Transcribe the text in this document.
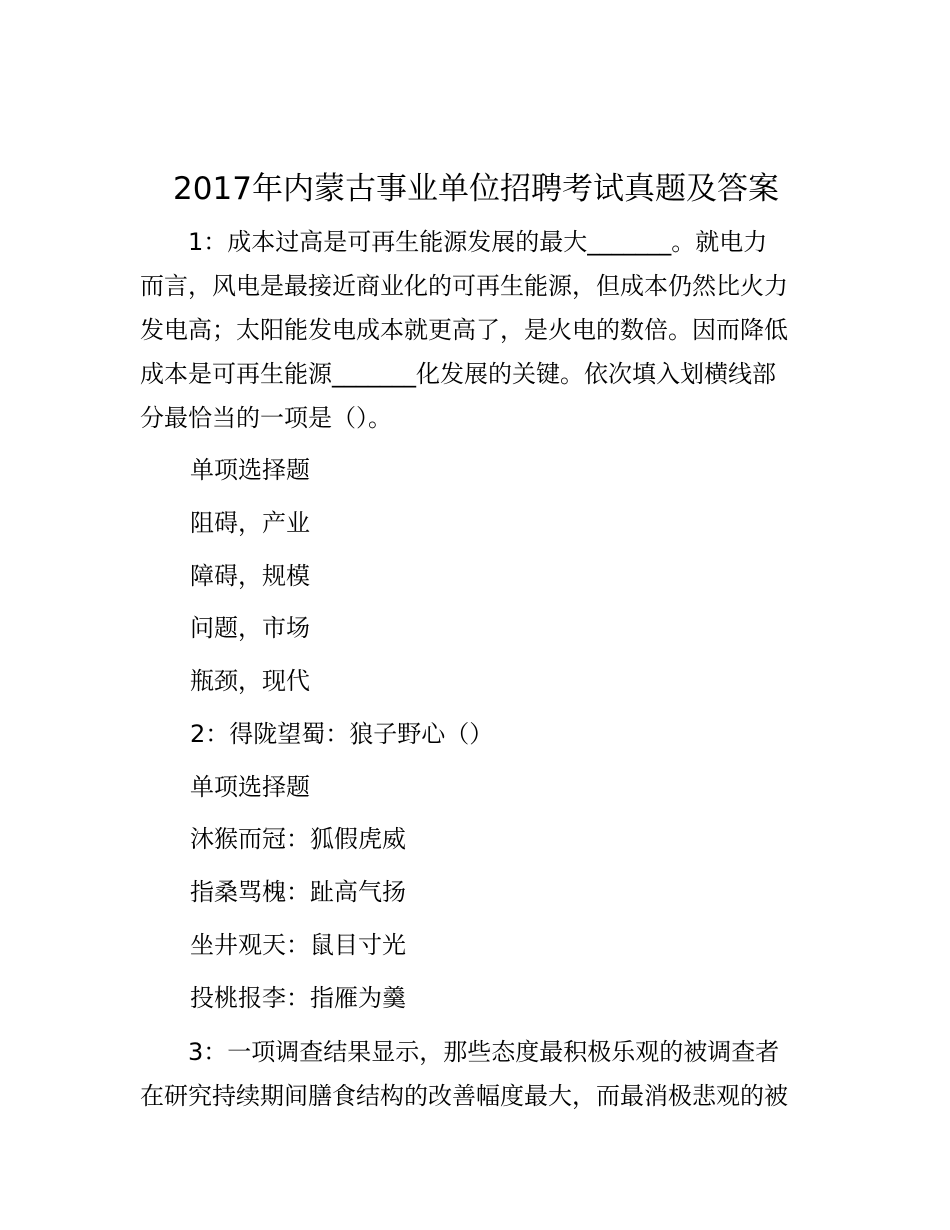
2017年内蒙古事业单位招聘考试真题及答案
1：成本过高是可再生能源发展的最大_______。就电力
而言，风电是最接近商业化的可再生能源，但成本仍然比火力
发电高；太阳能发电成本就更高了，是火电的数倍。因而降低
成本是可再生能源_______化发展的关键。依次填入划横线部
分最恰当的一项是（）。
单项选择题
阻碍，产业
障碍，规模
问题，市场
瓶颈，现代
2：得陇望蜀：狼子野心（）
单项选择题
沐猴而冠：狐假虎威
指桑骂槐：趾高气扬
坐井观天：鼠目寸光
投桃报李：指雁为羹
3：一项调查结果显示，那些态度最积极乐观的被调查者
在研究持续期间膳食结构的改善幅度最大，而最消极悲观的被
